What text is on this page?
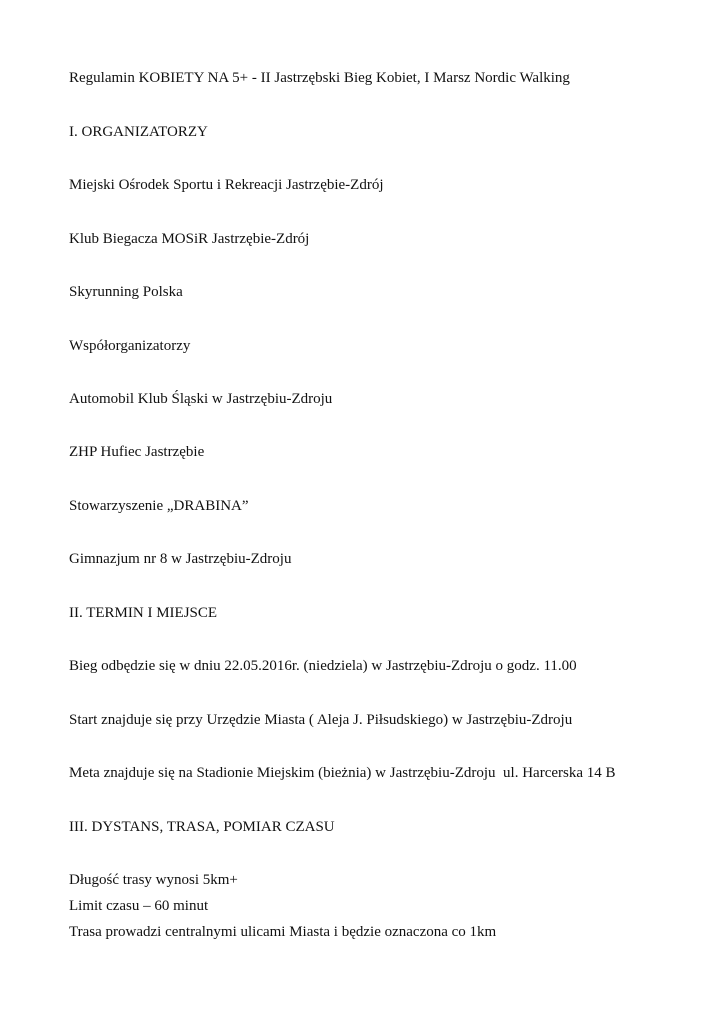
Regulamin KOBIETY NA 5+ - II Jastrzębski Bieg Kobiet, I Marsz Nordic Walking
I. ORGANIZATORZY
Miejski Ośrodek Sportu i Rekreacji Jastrzębie-Zdrój
Klub Biegacza MOSiR Jastrzębie-Zdrój
Skyrunning Polska
Współorganizatorzy
Automobil Klub Śląski w Jastrzębiu-Zdroju
ZHP Hufiec Jastrzębie
Stowarzyszenie „DRABINA”
Gimnazjum nr 8 w Jastrzębiu-Zdroju
II. TERMIN I MIEJSCE
Bieg odbędzie się w dniu 22.05.2016r. (niedziela) w Jastrzębiu-Zdroju o godz. 11.00
Start znajduje się przy Urzędzie Miasta ( Aleja J. Piłsudskiego) w Jastrzębiu-Zdroju
Meta znajduje się na Stadionie Miejskim (bieżnia) w Jastrzębiu-Zdroju  ul. Harcerska 14 B
III. DYSTANS, TRASA, POMIAR CZASU
Długość trasy wynosi 5km+
Limit czasu – 60 minut
Trasa prowadzi centralnymi ulicami Miasta i będzie oznaczona co 1km
